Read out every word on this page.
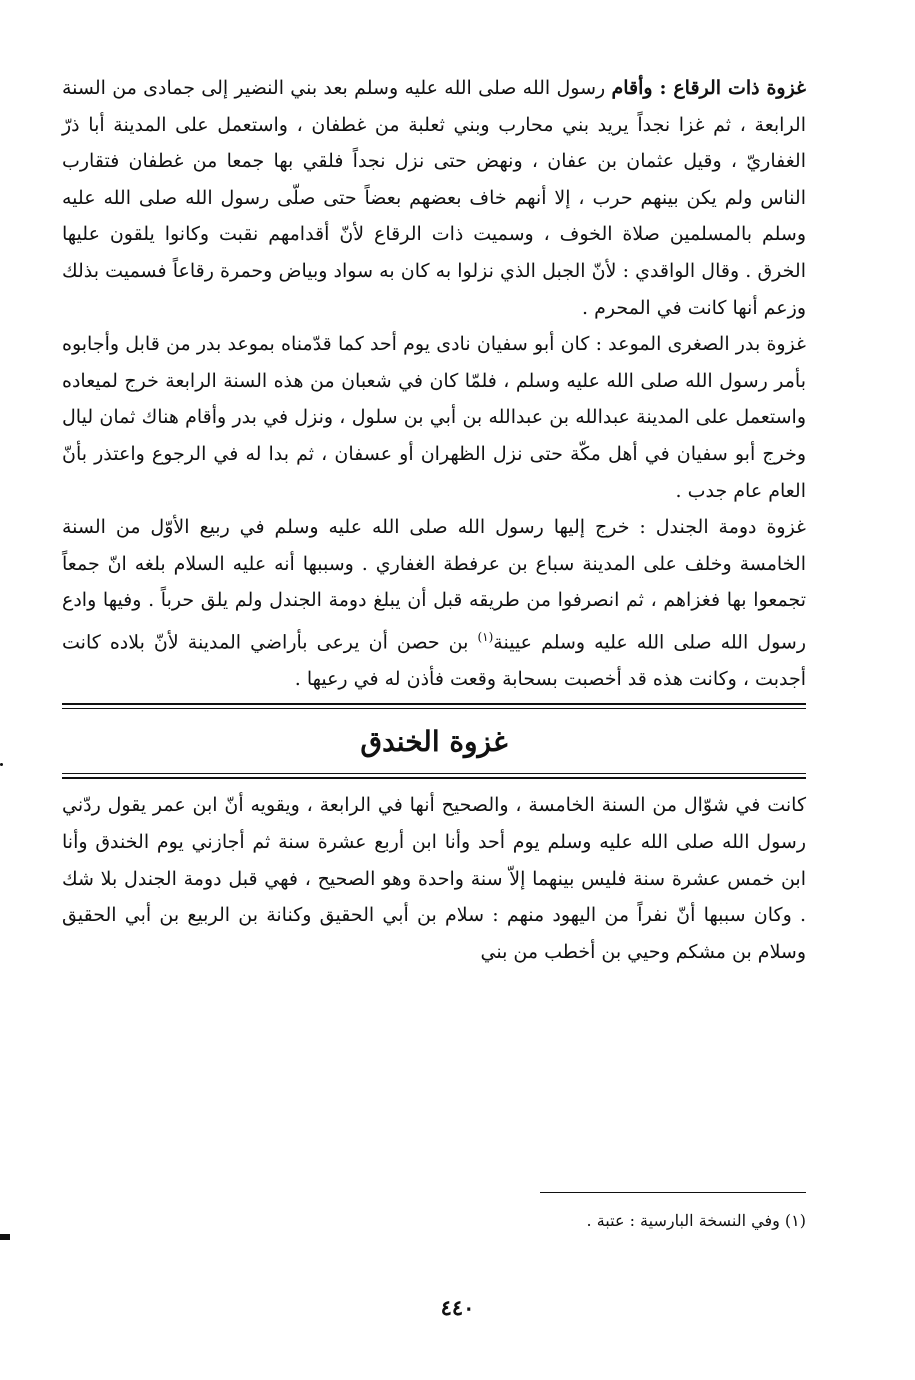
غزوة ذات الرقاع : وأقام رسول الله صلى الله عليه وسلم بعد بني النضير إلى جمادى من السنة الرابعة ، ثم غزا نجداً يريد بني محارب وبني ثعلبة من غطفان ، واستعمل على المدينة أبا ذرّ الغفاريّ ، وقيل عثمان بن عفان ، ونهض حتى نزل نجداً فلقي بها جمعا من غطفان فتقارب الناس ولم يكن بينهم حرب ، إلا أنهم خاف بعضهم بعضاً حتى صلّى رسول الله صلى الله عليه وسلم بالمسلمين صلاة الخوف ، وسميت ذات الرقاع لأنّ أقدامهم نقبت وكانوا يلقون عليها الخرق . وقال الواقدي : لأنّ الجبل الذي نزلوا به كان به سواد وبياض وحمرة رقاعاً فسميت بذلك وزعم أنها كانت في المحرم .

غزوة بدر الصغرى الموعد : كان أبو سفيان نادى يوم أحد كما قدّمناه بموعد بدر من قابل وأجابوه بأمر رسول الله صلى الله عليه وسلم ، فلمّا كان في شعبان من هذه السنة الرابعة خرج لميعاده واستعمل على المدينة عبدالله بن عبدالله بن أبي بن سلول ، ونزل في بدر وأقام هناك ثمان ليال وخرج أبو سفيان في أهل مكّة حتى نزل الظهران أو عسفان ، ثم بدا له في الرجوع واعتذر بأنّ العام عام جدب .

غزوة دومة الجندل : خرج إليها رسول الله صلى الله عليه وسلم في ربيع الأوّل من السنة الخامسة وخلف على المدينة سباع بن عرفطة الغفاري . وسببها أنه عليه السلام بلغه انّ جمعاً تجمعوا بها فغزاهم ، ثم انصرفوا من طريقه قبل أن يبلغ دومة الجندل ولم يلق حرباً . وفيها وادع رسول الله صلى الله عليه وسلم عيينة$^{(١)}$ بن حصن أن يرعى بأراضي المدينة لأنّ بلاده كانت أجدبت ، وكانت هذه قد أخصبت بسحابة وقعت فأذن له في رعيها .

غزوة الخندق

كانت في شوّال من السنة الخامسة ، والصحيح أنها في الرابعة ، ويقويه أنّ ابن عمر يقول ردّني رسول الله صلى الله عليه وسلم يوم أحد وأنا ابن أربع عشرة سنة ثم أجازني يوم الخندق وأنا ابن خمس عشرة سنة فليس بينهما إلاّ سنة واحدة وهو الصحيح ، فهي قبل دومة الجندل بلا شك . وكان سببها أنّ نفراً من اليهود منهم : سلام بن أبي الحقيق وكنانة بن الربيع بن أبي الحقيق وسلام بن مشكم وحيي بن أخطب من بني

(١) وفي النسخة البارسية : عتبة .
٤٤٠
